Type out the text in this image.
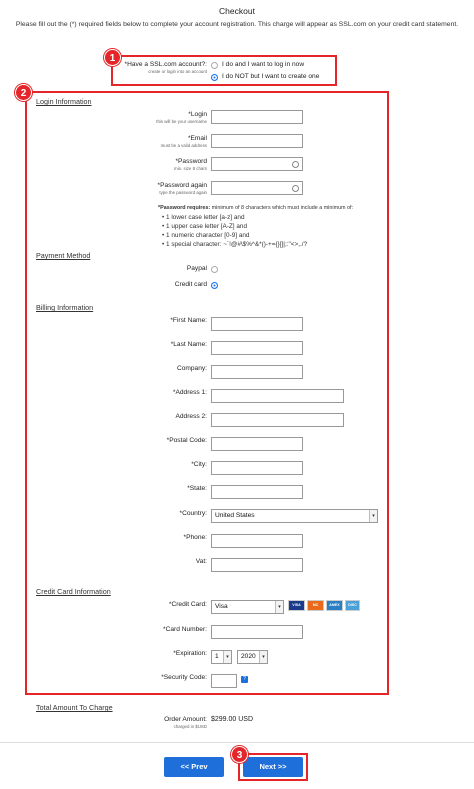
Checkout
Please fill out the (*) required fields below to complete your account registration. This charge will appear as SSL.com on your credit card statement.
1
*Have a SSL.com account?:
create or login into an account
I do and I want to log in now
I do NOT but I want to create one
2
Login Information
*Login
this will be your username
*Email
must be a valid address
*Password
min. size 8 chars
*Password again
type the password again
*Password requires: minimum of 8 characters which must include a minimum of:
• 1 lower case letter [a-z] and
• 1 upper case letter [A-Z] and
• 1 numeric character [0-9] and
• 1 special character: ~`!@#\$%^&*()-+={}[]|;:"<>,./?
Payment Method
Paypal
Credit card
Billing Information
*First Name:
*Last Name:
Company:
*Address 1:
Address 2:
*Postal Code:
*City:
*State:
*Country:	United States	▾
*Phone:
Vat:
Credit Card Information
*Credit Card:	Visa	▾	VISA	MC	AMEX	DISC
*Card Number:
*Expiration:	1	▾	2020	▾
*Security Code:	?
Total Amount To Charge
Order Amount:
charged in $USD
$299.00 USD
<< Prev	Next >>
3
